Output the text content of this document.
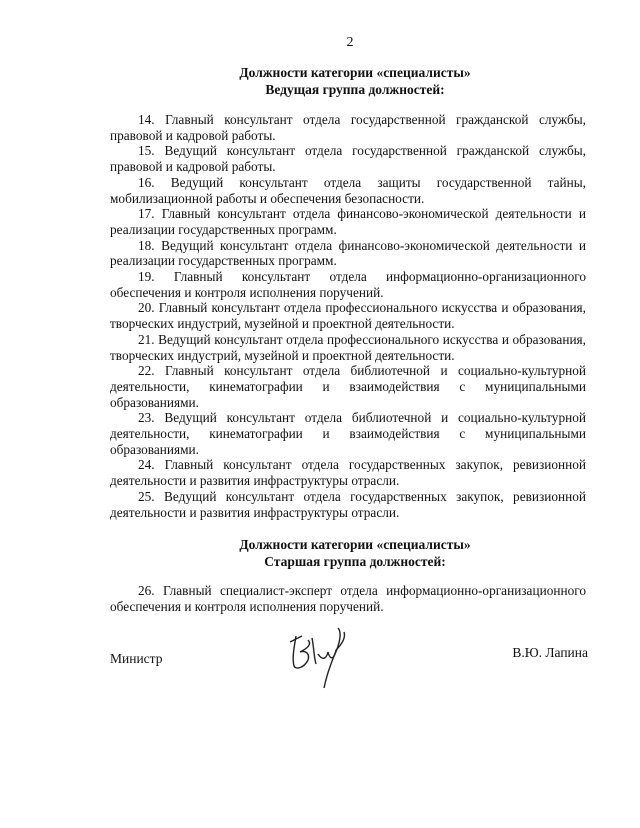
2
Должности категории «специалисты»
Ведущая группа должностей:

14. Главный консультант отдела государственной гражданской службы, правовой и кадровой работы.

15. Ведущий консультант отдела государственной гражданской службы, правовой и кадровой работы.

16. Ведущий консультант отдела защиты государственной тайны, мобилизационной работы и обеспечения безопасности.

17. Главный консультант отдела финансово-экономической деятельности и реализации государственных программ.

18. Ведущий консультант отдела финансово-экономической деятельности и реализации государственных программ.

19. Главный консультант отдела информационно-организационного обеспечения и контроля исполнения поручений.

20. Главный консультант отдела профессионального искусства и образования, творческих индустрий, музейной и проектной деятельности.

21. Ведущий консультант отдела профессионального искусства и образования, творческих индустрий, музейной и проектной деятельности.

22. Главный консультант отдела библиотечной и социально-культурной деятельности, кинематографии и взаимодействия с муниципальными образованиями.

23. Ведущий консультант отдела библиотечной и социально-культурной деятельности, кинематографии и взаимодействия с муниципальными образованиями.

24. Главный консультант отдела государственных закупок, ревизионной деятельности и развития инфраструктуры отрасли.

25. Ведущий консультант отдела государственных закупок, ревизионной деятельности и развития инфраструктуры отрасли.

Должности категории «специалисты»
Старшая группа должностей:

26. Главный специалист-эксперт отдела информационно-организационного обеспечения и контроля исполнения поручений.

Министр	В.Ю. Лапина
